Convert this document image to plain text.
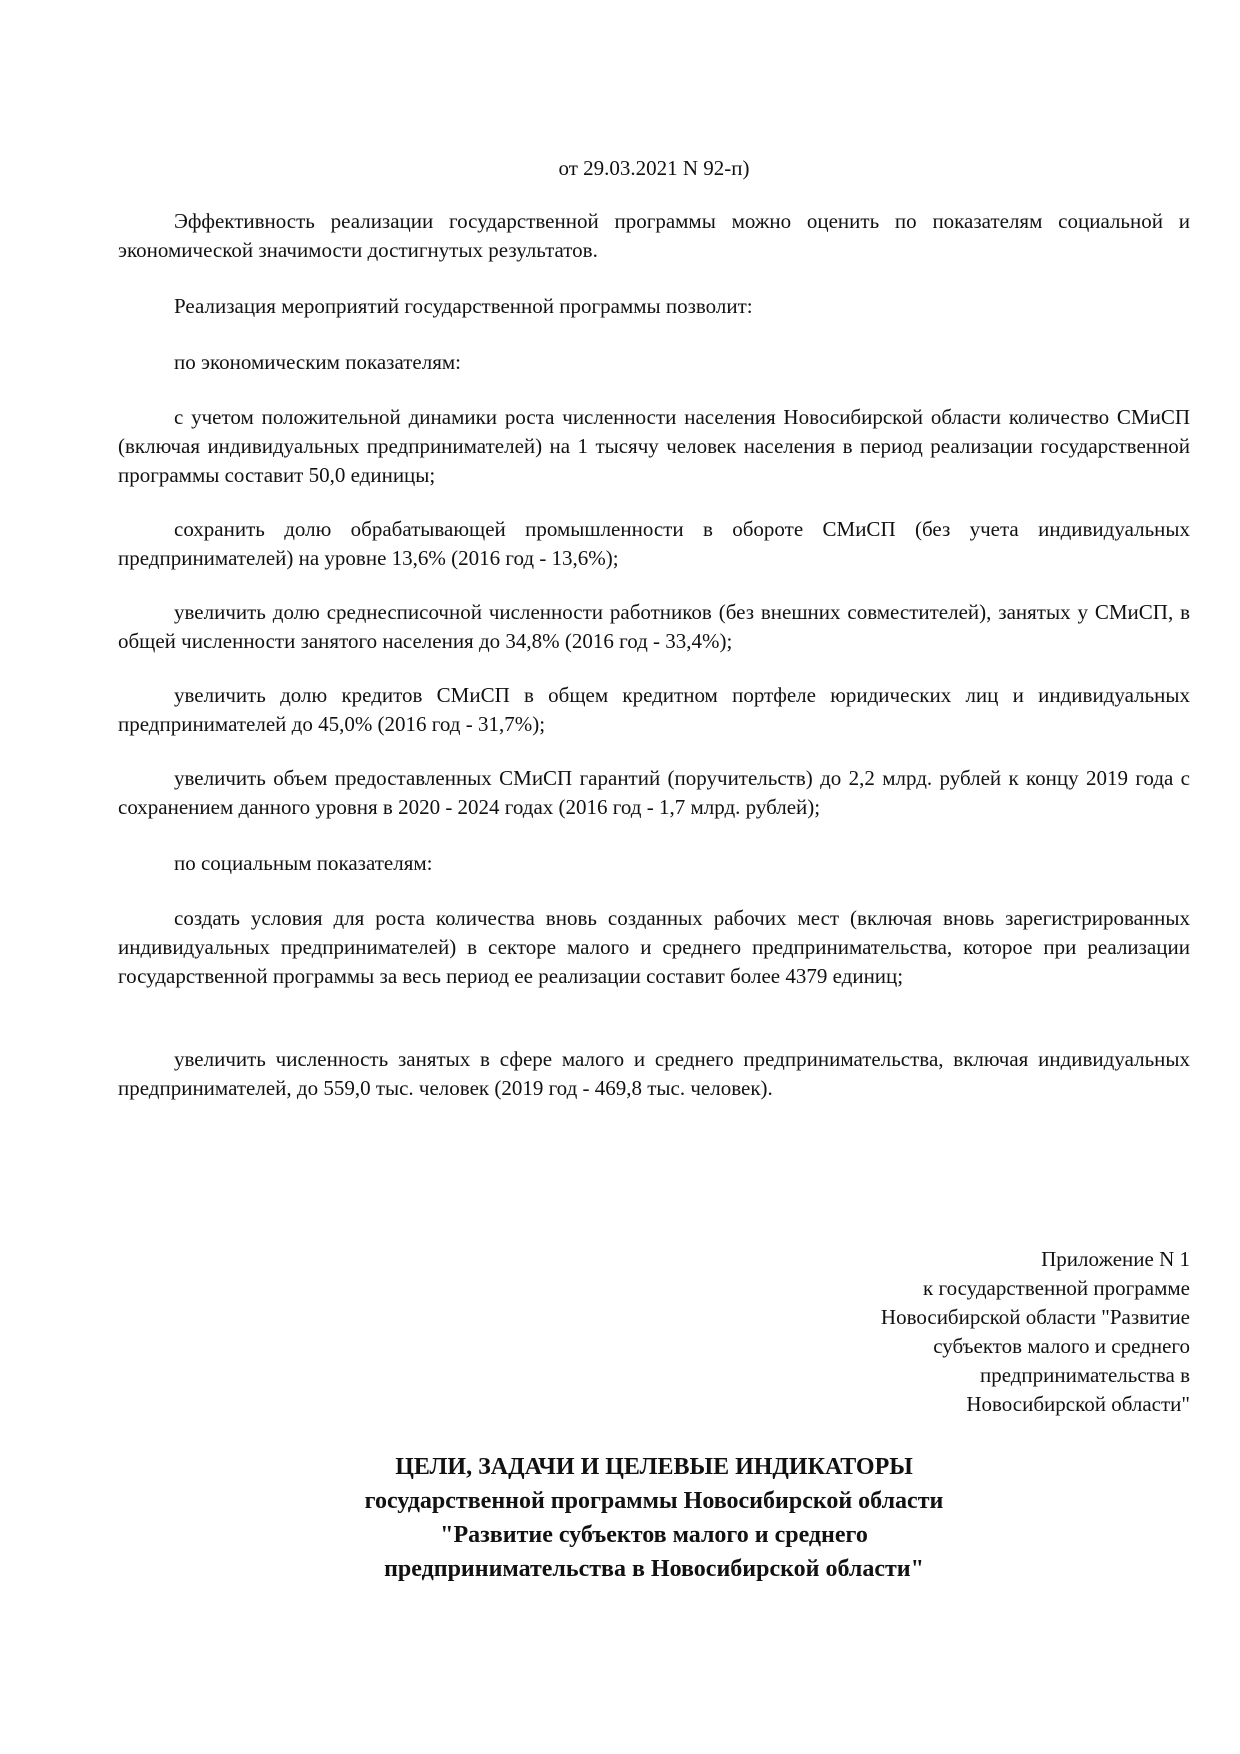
от 29.03.2021 N 92-п)

Эффективность реализации государственной программы можно оценить по показателям социальной и экономической значимости достигнутых результатов.

Реализация мероприятий государственной программы позволит:

по экономическим показателям:

с учетом положительной динамики роста численности населения Новосибирской области количество СМиСП (включая индивидуальных предпринимателей) на 1 тысячу человек населения в период реализации государственной программы составит 50,0 единицы;

сохранить долю обрабатывающей промышленности в обороте СМиСП (без учета индивидуальных предпринимателей) на уровне 13,6% (2016 год - 13,6%);

увеличить долю среднесписочной численности работников (без внешних совместителей), занятых у СМиСП, в общей численности занятого населения до 34,8% (2016 год - 33,4%);

увеличить долю кредитов СМиСП в общем кредитном портфеле юридических лиц и индивидуальных предпринимателей до 45,0% (2016 год - 31,7%);

увеличить объем предоставленных СМиСП гарантий (поручительств) до 2,2 млрд. рублей к концу 2019 года с сохранением данного уровня в 2020 - 2024 годах (2016 год - 1,7 млрд. рублей);

по социальным показателям:

создать условия для роста количества вновь созданных рабочих мест (включая вновь зарегистрированных индивидуальных предпринимателей) в секторе малого и среднего предпринимательства, которое при реализации государственной программы за весь период ее реализации составит более 4379 единиц;

увеличить численность занятых в сфере малого и среднего предпринимательства, включая индивидуальных предпринимателей, до 559,0 тыс. человек (2019 год - 469,8 тыс. человек).

Приложение N 1
к государственной программе
Новосибирской области "Развитие
субъектов малого и среднего
предпринимательства в
Новосибирской области"
ЦЕЛИ, ЗАДАЧИ И ЦЕЛЕВЫЕ ИНДИКАТОРЫ
государственной программы Новосибирской области
"Развитие субъектов малого и среднего
предпринимательства в Новосибирской области"
